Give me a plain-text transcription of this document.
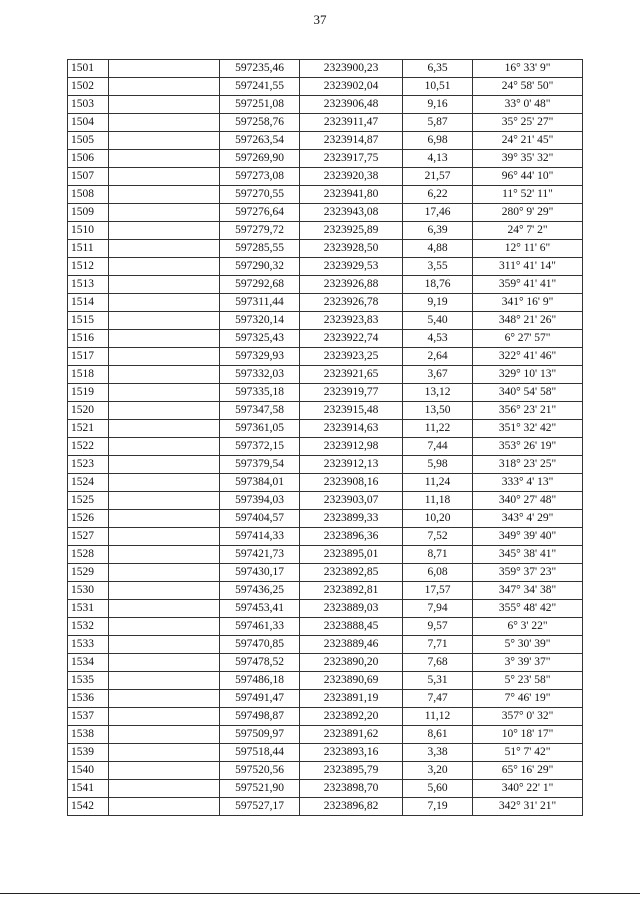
37
1501		597235,46	2323900,23	6,35	16° 33' 9"
1502		597241,55	2323902,04	10,51	24° 58' 50"
1503		597251,08	2323906,48	9,16	33° 0' 48"
1504		597258,76	2323911,47	5,87	35° 25' 27"
1505		597263,54	2323914,87	6,98	24° 21' 45"
1506		597269,90	2323917,75	4,13	39° 35' 32"
1507		597273,08	2323920,38	21,57	96° 44' 10"
1508		597270,55	2323941,80	6,22	11° 52' 11"
1509		597276,64	2323943,08	17,46	280° 9' 29"
1510		597279,72	2323925,89	6,39	24° 7' 2"
1511		597285,55	2323928,50	4,88	12° 11' 6"
1512		597290,32	2323929,53	3,55	311° 41' 14"
1513		597292,68	2323926,88	18,76	359° 41' 41"
1514		597311,44	2323926,78	9,19	341° 16' 9"
1515		597320,14	2323923,83	5,40	348° 21' 26"
1516		597325,43	2323922,74	4,53	6° 27' 57"
1517		597329,93	2323923,25	2,64	322° 41' 46"
1518		597332,03	2323921,65	3,67	329° 10' 13"
1519		597335,18	2323919,77	13,12	340° 54' 58"
1520		597347,58	2323915,48	13,50	356° 23' 21"
1521		597361,05	2323914,63	11,22	351° 32' 42"
1522		597372,15	2323912,98	7,44	353° 26' 19"
1523		597379,54	2323912,13	5,98	318° 23' 25"
1524		597384,01	2323908,16	11,24	333° 4' 13"
1525		597394,03	2323903,07	11,18	340° 27' 48"
1526		597404,57	2323899,33	10,20	343° 4' 29"
1527		597414,33	2323896,36	7,52	349° 39' 40"
1528		597421,73	2323895,01	8,71	345° 38' 41"
1529		597430,17	2323892,85	6,08	359° 37' 23"
1530		597436,25	2323892,81	17,57	347° 34' 38"
1531		597453,41	2323889,03	7,94	355° 48' 42"
1532		597461,33	2323888,45	9,57	6° 3' 22"
1533		597470,85	2323889,46	7,71	5° 30' 39"
1534		597478,52	2323890,20	7,68	3° 39' 37"
1535		597486,18	2323890,69	5,31	5° 23' 58"
1536		597491,47	2323891,19	7,47	7° 46' 19"
1537		597498,87	2323892,20	11,12	357° 0' 32"
1538		597509,97	2323891,62	8,61	10° 18' 17"
1539		597518,44	2323893,16	3,38	51° 7' 42"
1540		597520,56	2323895,79	3,20	65° 16' 29"
1541		597521,90	2323898,70	5,60	340° 22' 1"
1542		597527,17	2323896,82	7,19	342° 31' 21"
